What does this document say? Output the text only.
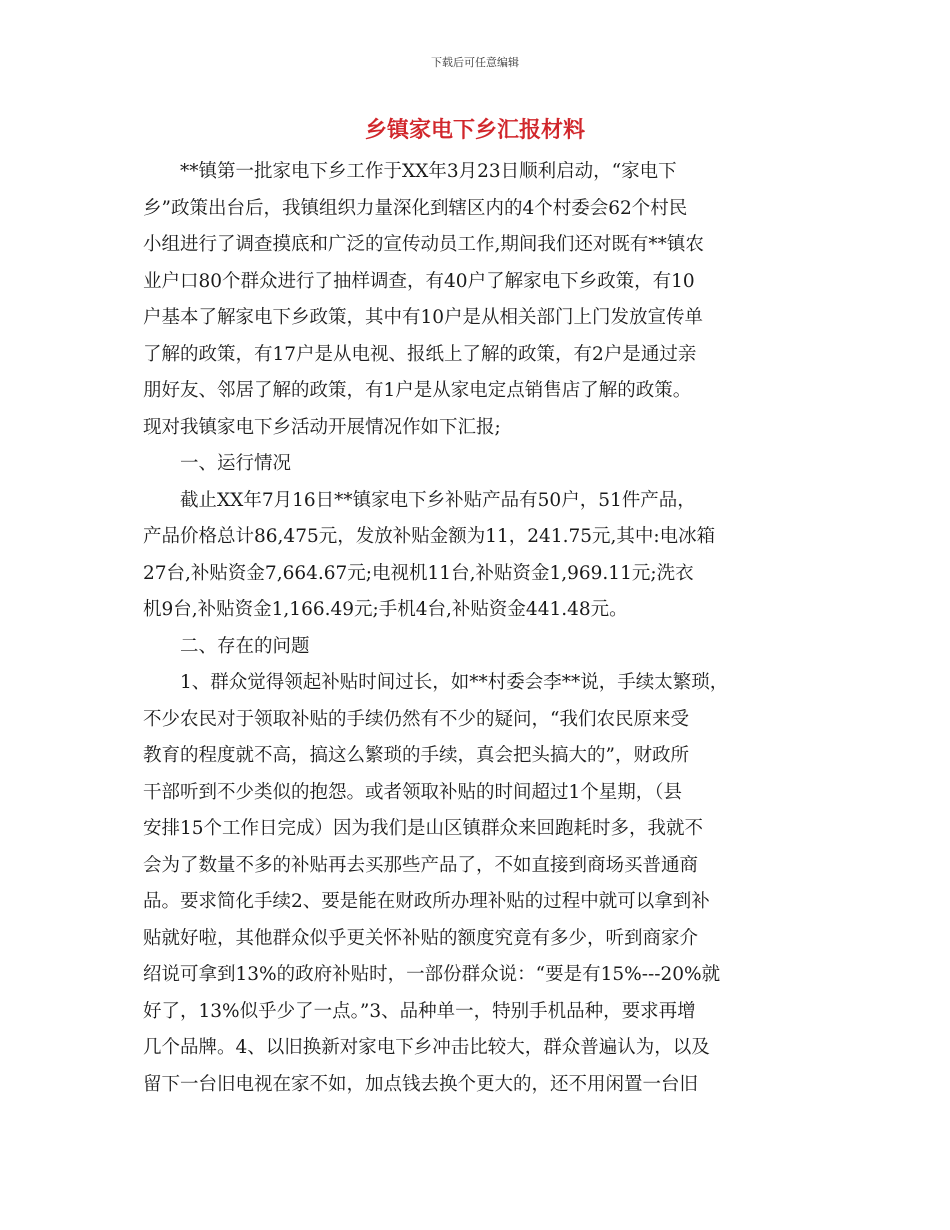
下载后可任意编辑
乡镇家电下乡汇报材料
**镇第一批家电下乡工作于XX年3月23日顺利启动，“家电下
乡”政策出台后，我镇组织力量深化到辖区内的4个村委会62个村民
小组进行了调查摸底和广泛的宣传动员工作,期间我们还对既有**镇农
业户口80个群众进行了抽样调查，有40户了解家电下乡政策，有10
户基本了解家电下乡政策，其中有10户是从相关部门上门发放宣传单
了解的政策，有17户是从电视、报纸上了解的政策，有2户是通过亲
朋好友、邻居了解的政策，有1户是从家电定点销售店了解的政策。
现对我镇家电下乡活动开展情况作如下汇报;
一、运行情况
截止XX年7月16日**镇家电下乡补贴产品有50户，51件产品，
产品价格总计86,475元，发放补贴金额为11，241.75元,其中:电冰箱
27台,补贴资金7,664.67元;电视机11台,补贴资金1,969.11元;洗衣
机9台,补贴资金1,166.49元;手机4台,补贴资金441.48元。
二、存在的问题
1、群众觉得领起补贴时间过长，如**村委会李**说，手续太繁琐，
不少农民对于领取补贴的手续仍然有不少的疑问，“我们农民原来受
教育的程度就不高，搞这么繁琐的手续，真会把头搞大的”，财政所
干部听到不少类似的抱怨。或者领取补贴的时间超过1个星期，（县
安排15个工作日完成）因为我们是山区镇群众来回跑耗时多，我就不
会为了数量不多的补贴再去买那些产品了，不如直接到商场买普通商
品。要求简化手续2、要是能在财政所办理补贴的过程中就可以拿到补
贴就好啦，其他群众似乎更关怀补贴的额度究竟有多少，听到商家介
绍说可拿到13%的政府补贴时，一部份群众说：“要是有15%---20%就
好了，13%似乎少了一点。”3、品种单一，特别手机品种，要求再增
几个品牌。4、以旧换新对家电下乡冲击比较大，群众普遍认为，以及
留下一台旧电视在家不如，加点钱去换个更大的，还不用闲置一台旧
